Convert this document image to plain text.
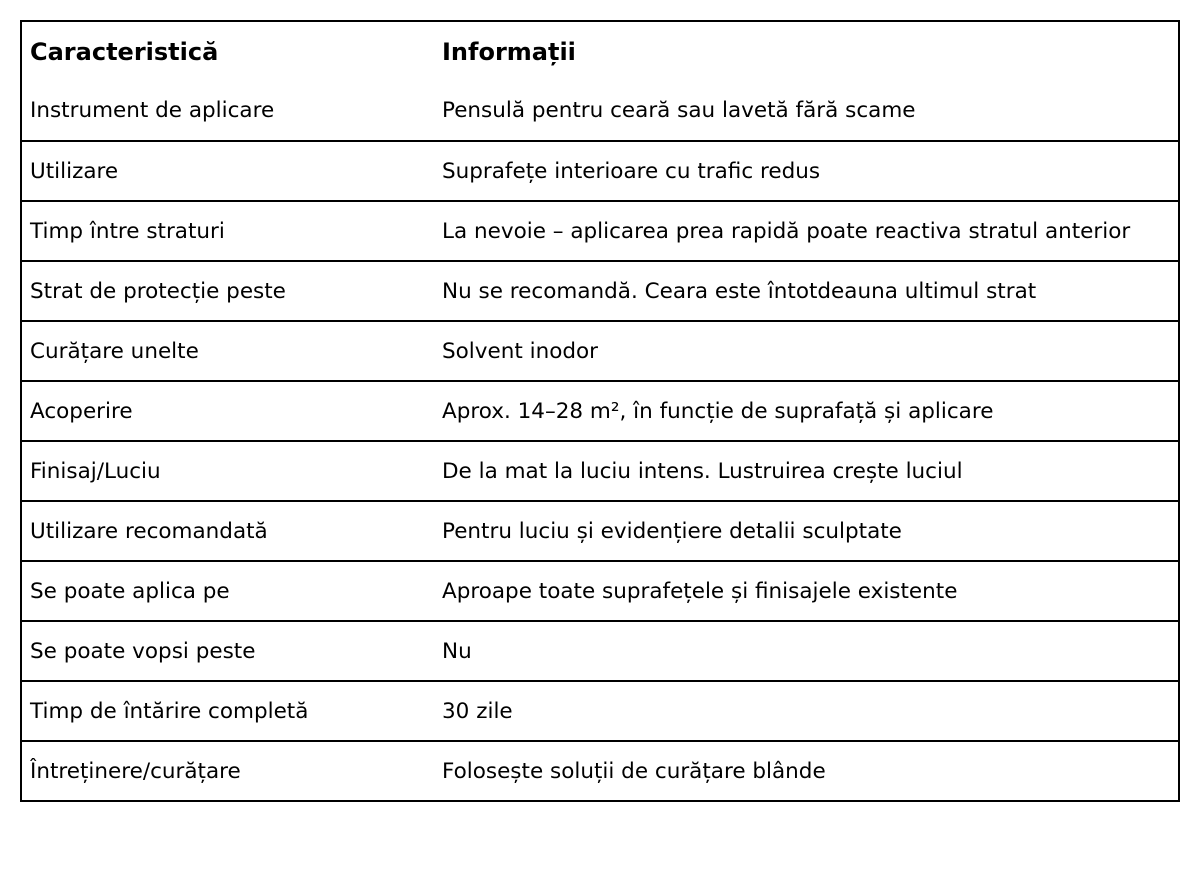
Caracteristică	Informații
Instrument de aplicare	Pensulă pentru ceară sau lavetă fără scame
Utilizare	Suprafețe interioare cu trafic redus
Timp între straturi	La nevoie – aplicarea prea rapidă poate reactiva stratul anterior
Strat de protecție peste	Nu se recomandă. Ceara este întotdeauna ultimul strat
Curățare unelte	Solvent inodor
Acoperire	Aprox. 14–28 m², în funcție de suprafață și aplicare
Finisaj/Luciu	De la mat la luciu intens. Lustruirea crește luciul
Utilizare recomandată	Pentru luciu și evidențiere detalii sculptate
Se poate aplica pe	Aproape toate suprafețele și finisajele existente
Se poate vopsi peste	Nu
Timp de întărire completă	30 zile
Întreținere/curățare	Folosește soluții de curățare blânde
